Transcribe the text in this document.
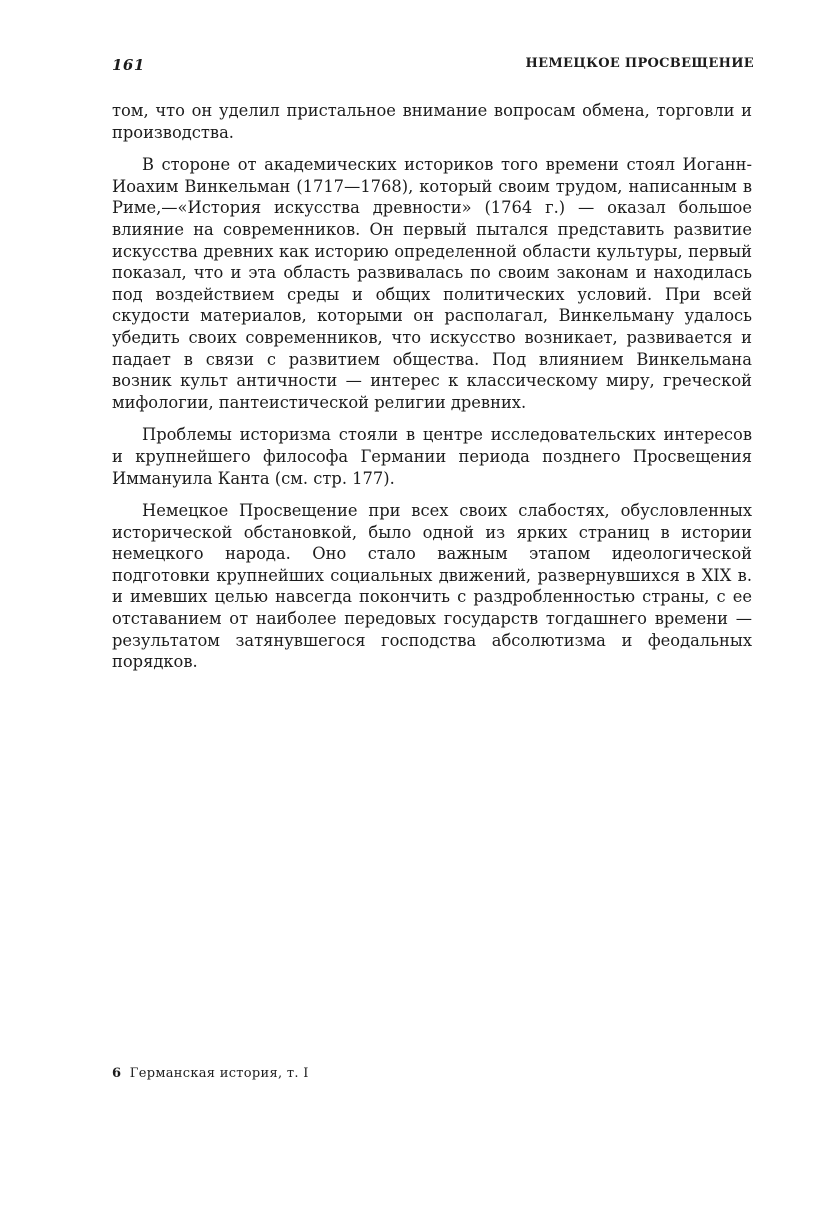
161	НЕМЕЦКОЕ ПРОСВЕЩЕНИЕ

том, что он уделил пристальное внимание вопросам обмена, торговли и производства.

В стороне от академических историков того времени стоял Иоганн-Иоахим Винкельман (1717—1768), который своим трудом, написанным в Риме,—«История искусства древности» (1764 г.) — оказал большое влияние на современников. Он первый пытался представить развитие искусства древних как историю определенной области культуры, первый показал, что и эта область развивалась по своим законам и находилась под воздействием среды и общих политических условий. При всей скудости материалов, которыми он располагал, Винкельману удалось убедить своих современников, что искусство возникает, развивается и падает в связи с развитием общества. Под влиянием Винкельмана возник культ античности — интерес к классическому миру, греческой мифологии, пантеистической религии древних.

Проблемы историзма стояли в центре исследовательских интересов и крупнейшего философа Германии периода позднего Просвещения Иммануила Канта (см. стр. 177).

Немецкое Просвещение при всех своих слабостях, обусловленных исторической обстановкой, было одной из ярких страниц в истории немецкого народа. Оно стало важным этапом идеологической подготовки крупнейших социальных движений, развернувшихся в XIX в. и имевших целью навсегда покончить с раздробленностью страны, с ее отставанием от наиболее передовых государств тогдашнего времени — результатом затянувшегося господства абсолютизма и феодальных порядков.

6 Германская история, т. I
